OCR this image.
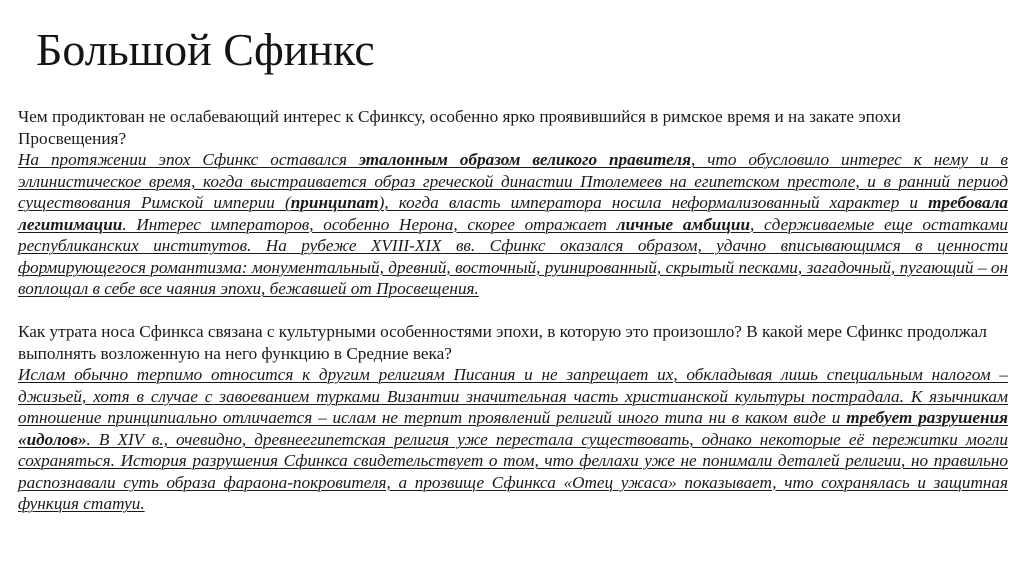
Большой Сфинкс

Чем продиктован не ослабевающий интерес к Сфинксу, особенно ярко проявившийся в римское время и на закате эпохи Просвещения?

На протяжении эпох Сфинкс оставался эталонным образом великого правителя, что обусловило интерес к нему и в эллинистическое время, когда выстраивается образ греческой династии Птолемеев на египетском престоле, и в ранний период существования Римской империи (принципат), когда власть императора носила неформализованный характер и требовала легитимации. Интерес императоров, особенно Нерона, скорее отражает личные амбиции, сдерживаемые еще остатками республиканских институтов. На рубеже XVIII-XIX вв. Сфинкс оказался образом, удачно вписывающимся в ценности формирующегося романтизма: монументальный, древний, восточный, руинированный, скрытый песками, загадочный, пугающий – он воплощал в себе все чаяния эпохи, бежавшей от Просвещения.

Как утрата носа Сфинкса связана с культурными особенностями эпохи, в которую это произошло? В какой мере Сфинкс продолжал выполнять возложенную на него функцию в Средние века?

Ислам обычно терпимо относится к другим религиям Писания и не запрещает их, обкладывая лишь специальным налогом – джизьей, хотя в случае с завоеванием турками Византии значительная часть христианской культуры пострадала. К язычникам отношение принципиально отличается – ислам не терпит проявлений религий иного типа ни в каком виде и требует разрушения «идолов». В XIV в., очевидно, древнеегипетская религия уже перестала существовать, однако некоторые её пережитки могли сохраняться. История разрушения Сфинкса свидетельствует о том, что феллахи уже не понимали деталей религии, но правильно распознавали суть образа фараона-покровителя, а прозвище Сфинкса «Отец ужаса» показывает, что сохранялась и защитная функция статуи.
